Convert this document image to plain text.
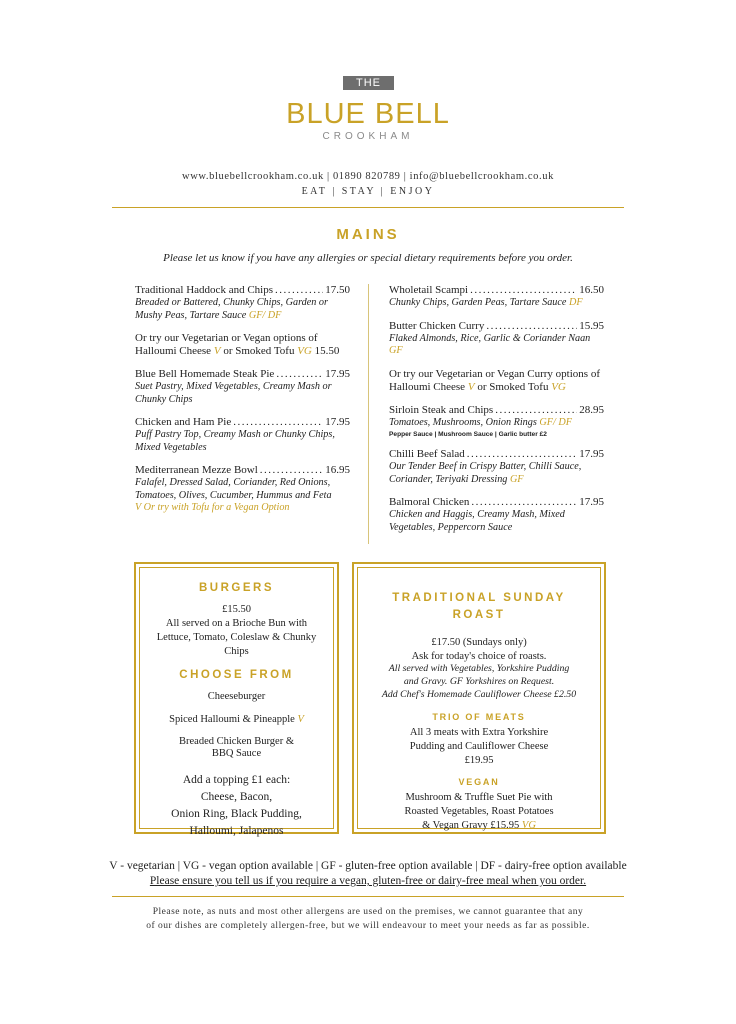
THE
BLUE BELL
CROOKHAM
www.bluebellcrookham.co.uk | 01890 820789 | info@bluebellcrookham.co.uk
EAT | STAY | ENJOY
MAINS
Please let us know if you have any allergies or special dietary requirements before you order.
Traditional Haddock and Chips .....	17.50
Breaded or Battered, Chunky Chips, Garden or Mushy Peas, Tartare Sauce GF/ DF
Or try our Vegetarian or Vegan options of Halloumi Cheese V or Smoked Tofu VG 15.50
Blue Bell Homemade Steak Pie .....	17.95
Suet Pastry, Mixed Vegetables, Creamy Mash or Chunky Chips
Chicken and Ham Pie .....	17.95
Puff Pastry Top, Creamy Mash or Chunky Chips, Mixed Vegetables
Mediterranean Mezze Bowl .....	16.95
Falafel, Dressed Salad, Coriander, Red Onions, Tomatoes, Olives, Cucumber, Hummus and Feta
V Or try with Tofu for a Vegan Option
Wholetail Scampi .....	16.50
Chunky Chips, Garden Peas, Tartare Sauce DF
Butter Chicken Curry .....	15.95
Flaked Almonds, Rice, Garlic & Coriander Naan GF
Or try our Vegetarian or Vegan Curry options of Halloumi Cheese V or Smoked Tofu VG
Sirloin Steak and Chips .....	28.95
Tomatoes, Mushrooms, Onion Rings GF/ DF
Pepper Sauce | Mushroom Sauce | Garlic butter £2
Chilli Beef Salad .....	17.95
Our Tender Beef in Crispy Batter, Chilli Sauce, Coriander, Teriyaki Dressing GF
Balmoral Chicken .....	17.95
Chicken and Haggis, Creamy Mash, Mixed Vegetables, Peppercorn Sauce
BURGERS
£15.50
All served on a Brioche Bun with Lettuce, Tomato, Coleslaw & Chunky Chips
CHOOSE FROM
Cheeseburger
Spiced Halloumi & Pineapple V
Breaded Chicken Burger & BBQ Sauce
Add a topping £1 each:
Cheese, Bacon,
Onion Ring, Black Pudding,
Halloumi, Jalapenos
TRADITIONAL SUNDAY
ROAST
£17.50 (Sundays only)
Ask for today's choice of roasts.
All served with Vegetables, Yorkshire Pudding and Gravy. GF Yorkshires on Request.
Add Chef's Homemade Cauliflower Cheese £2.50
TRIO OF MEATS
All 3 meats with Extra Yorkshire Pudding and Cauliflower Cheese £19.95
VEGAN
Mushroom & Truffle Suet Pie with Roasted Vegetables, Roast Potatoes & Vegan Gravy £15.95 VG
V - vegetarian | VG - vegan option available | GF - gluten-free option available | DF - dairy-free option available
Please ensure you tell us if you require a vegan, gluten-free or dairy-free meal when you order.
Please note, as nuts and most other allergens are used on the premises, we cannot guarantee that any
of our dishes are completely allergen-free, but we will endeavour to meet your needs as far as possible.
